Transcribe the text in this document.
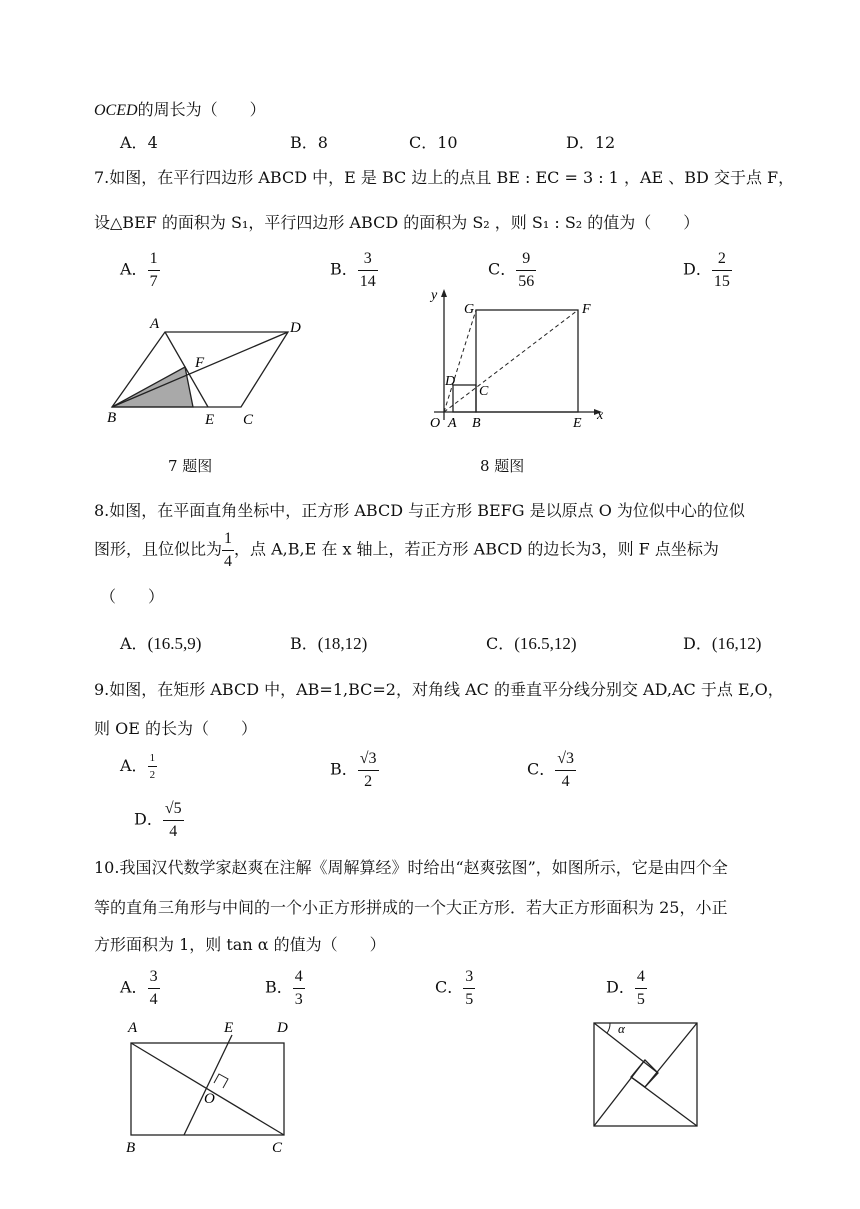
OCED的周长为（　　）
A．4	B．8	C．10	D．12
7.如图，在平行四边形 ABCD 中，E 是 BC 边上的点且 BE : EC = 3 : 1 ，AE 、BD 交于点 F，
设△BEF 的面积为 S₁，平行四边形 ABCD 的面积为 S₂ ，则 S₁ : S₂ 的值为（　　）
A． $\frac{1}{7}$	B． $\frac{3}{14}$	C． $\frac{9}{56}$	D． $\frac{2}{15}$
A	D
F
B	E C
7 题图
y
G	F
D
C
O A B	E
x
8 题图
8.如图，在平面直角坐标中，正方形 ABCD 与正方形 BEFG 是以原点 O 为位似中心的位似
图形，且位似比为 $\frac{1}{4}$ ，点 A,B,E 在 x 轴上，若正方形 ABCD 的边长为3，则 F 点坐标为
（　　）
A．(16.5,9)	B．(18,12)	C．(16.5,12)	D．(16,12)
9.如图，在矩形 ABCD 中，AB=1,BC=2，对角线 AC 的垂直平分线分别交 AD,AC 于点 E,O，
则 OE 的长为（　　）
A． $\frac{1}{2}$	B． $\frac{√3}{2}$	C． $\frac{√3}{4}$
D． $\frac{√5}{4}$
10.我国汉代数学家赵爽在注解《周解算经》时给出“赵爽弦图”，如图所示，它是由四个全
等的直角三角形与中间的一个小正方形拼成的一个大正方形．若大正方形面积为 25，小正
方形面积为 1，则 tan α 的值为（　　）
A． $\frac{3}{4}$	B． $\frac{4}{3}$	C． $\frac{3}{5}$	D． $\frac{4}{5}$
A	E	D
O
B	C
α
